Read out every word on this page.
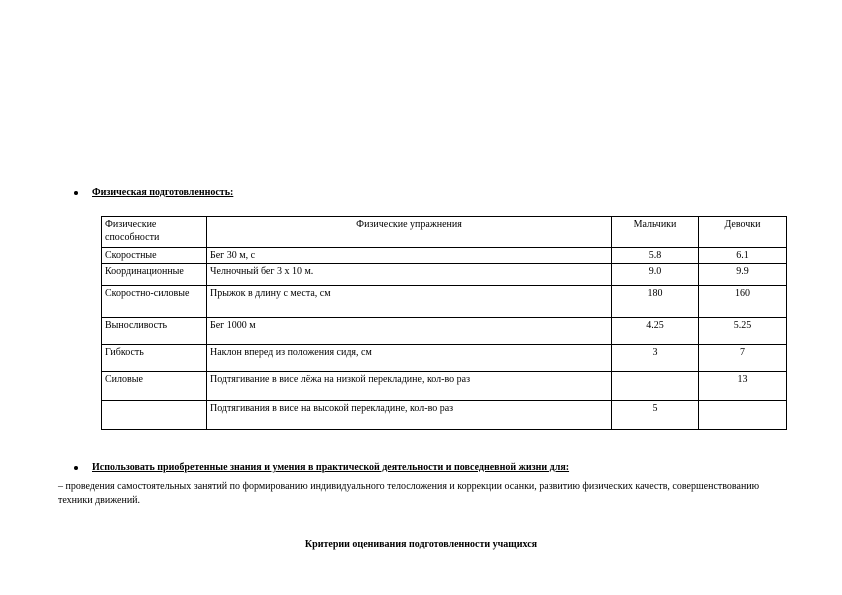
Физическая подготовленность:
Физические способности	Физические упражнения	Мальчики	Девочки
Скоростные	Бег 30 м, с	5.8	6.1
Координационные	Челночный бег 3 х 10 м.	9.0	9.9
Скоростно-силовые	Прыжок в длину с места, см	180	160
Выносливость	Бег 1000 м	4.25	5.25
Гибкость	Наклон вперед из положения сидя, см	3	7
Силовые	Подтягивание в висе лёжа на низкой перекладине, кол-во раз		13
	Подтягивания в висе на высокой перекладине, кол-во раз	5	
Использовать приобретенные знания и умения в практической деятельности и повседневной жизни для:
– проведения самостоятельных занятий по формированию индивидуального телосложения и коррекции осанки, развитию физических качеств, совершенствованию техники движений.
Критерии оценивания подготовленности учащихся
